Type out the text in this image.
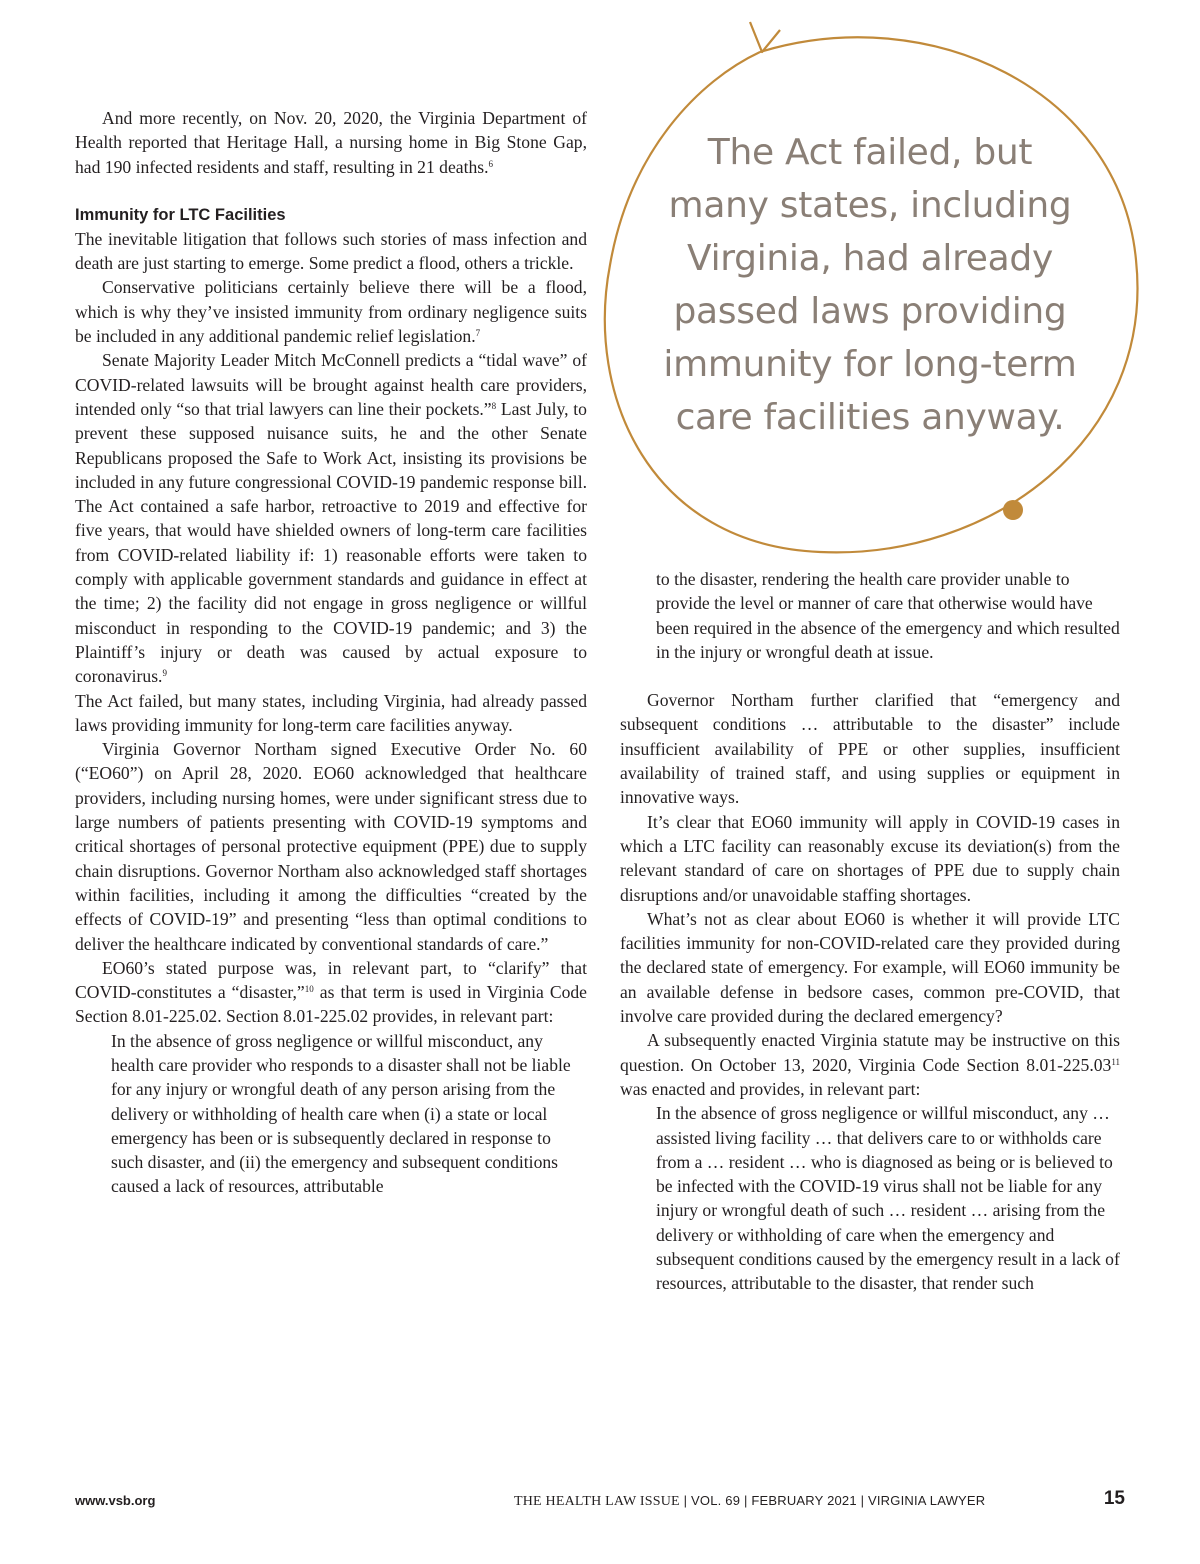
The Act failed, but
many states, including
Virginia, had already
passed laws providing
immunity for long-term
care facilities anyway.

And more recently, on Nov. 20, 2020, the Virginia Department of Health reported that Heritage Hall, a nursing home in Big Stone Gap, had 190 infected residents and staff, resulting in 21 deaths.$^6$

Immunity for LTC Facilities

The inevitable litigation that follows such stories of mass infection and death are just starting to emerge. Some predict a flood, others a trickle.

Conservative politicians certainly believe there will be a flood, which is why they’ve insisted immunity from ordinary negligence suits be included in any additional pandemic relief legislation.$^7$

Senate Majority Leader Mitch McConnell predicts a “tidal wave” of COVID-related lawsuits will be brought against health care providers, intended only “so that trial lawyers can line their pockets.”$^8$ Last July, to prevent these supposed nuisance suits, he and the other Senate Republicans proposed the Safe to Work Act, insisting its provisions be included in any future congressional COVID-19 pandemic response bill. The Act contained a safe harbor, retroactive to 2019 and effective for five years, that would have shielded owners of long-term care facilities from COVID-related liability if: 1) reasonable efforts were taken to comply with applicable government standards and guidance in effect at the time; 2) the facility did not engage in gross negligence or willful misconduct in responding to the COVID-19 pandemic; and 3) the Plaintiff’s injury or death was caused by actual exposure to coronavirus.$^9$

The Act failed, but many states, including Virginia, had already passed laws providing immunity for long-term care facilities anyway.

Virginia Governor Northam signed Executive Order No. 60 (“EO60”) on April 28, 2020. EO60 acknowledged that healthcare providers, including nursing homes, were under significant stress due to large numbers of patients presenting with COVID-19 symptoms and critical shortages of personal protective equipment (PPE) due to supply chain disruptions. Governor Northam also acknowledged staff shortages within facilities, including it among the difficulties “created by the effects of COVID-19” and presenting “less than optimal conditions to deliver the healthcare indicated by conventional standards of care.”

EO60’s stated purpose was, in relevant part, to “clarify” that COVID-constitutes a “disaster,”$^{10}$ as that term is used in Virginia Code Section 8.01-225.02. Section 8.01-225.02 provides, in relevant part:

In the absence of gross negligence or willful misconduct, any health care provider who responds to a disaster shall not be liable for any injury or wrongful death of any person arising from the delivery or withholding of health care when (i) a state or local emergency has been or is subsequently declared in response to such disaster, and (ii) the emergency and subsequent conditions caused a lack of resources, attributable

to the disaster, rendering the health care provider unable to provide the level or manner of care that otherwise would have been required in the absence of the emergency and which resulted in the injury or wrongful death at issue.

Governor Northam further clarified that “emergency and subsequent conditions … attributable to the disaster” include insufficient availability of PPE or other supplies, insufficient availability of trained staff, and using supplies or equipment in innovative ways.

It’s clear that EO60 immunity will apply in COVID-19 cases in which a LTC facility can reasonably excuse its deviation(s) from the relevant standard of care on shortages of PPE due to supply chain disruptions and/or unavoidable staffing shortages.

What’s not as clear about EO60 is whether it will provide LTC facilities immunity for non-COVID-related care they provided during the declared state of emergency. For example, will EO60 immunity be an available defense in bedsore cases, common pre-COVID, that involve care provided during the declared emergency?

A subsequently enacted Virginia statute may be instructive on this question. On October 13, 2020, Virginia Code Section 8.01-225.03$^{11}$ was enacted and provides, in relevant part:

In the absence of gross negligence or willful misconduct, any … assisted living facility … that delivers care to or withholds care from a … resident … who is diagnosed as being or is believed to be infected with the COVID-19 virus shall not be liable for any injury or wrongful death of such … resident … arising from the delivery or withholding of care when the emergency and subsequent conditions caused by the emergency result in a lack of resources, attributable to the disaster, that render such

www.vsb.org	THE HEALTH LAW ISSUE | VOL. 69 | FEBRUARY 2021 | VIRGINIA LAWYER	15
